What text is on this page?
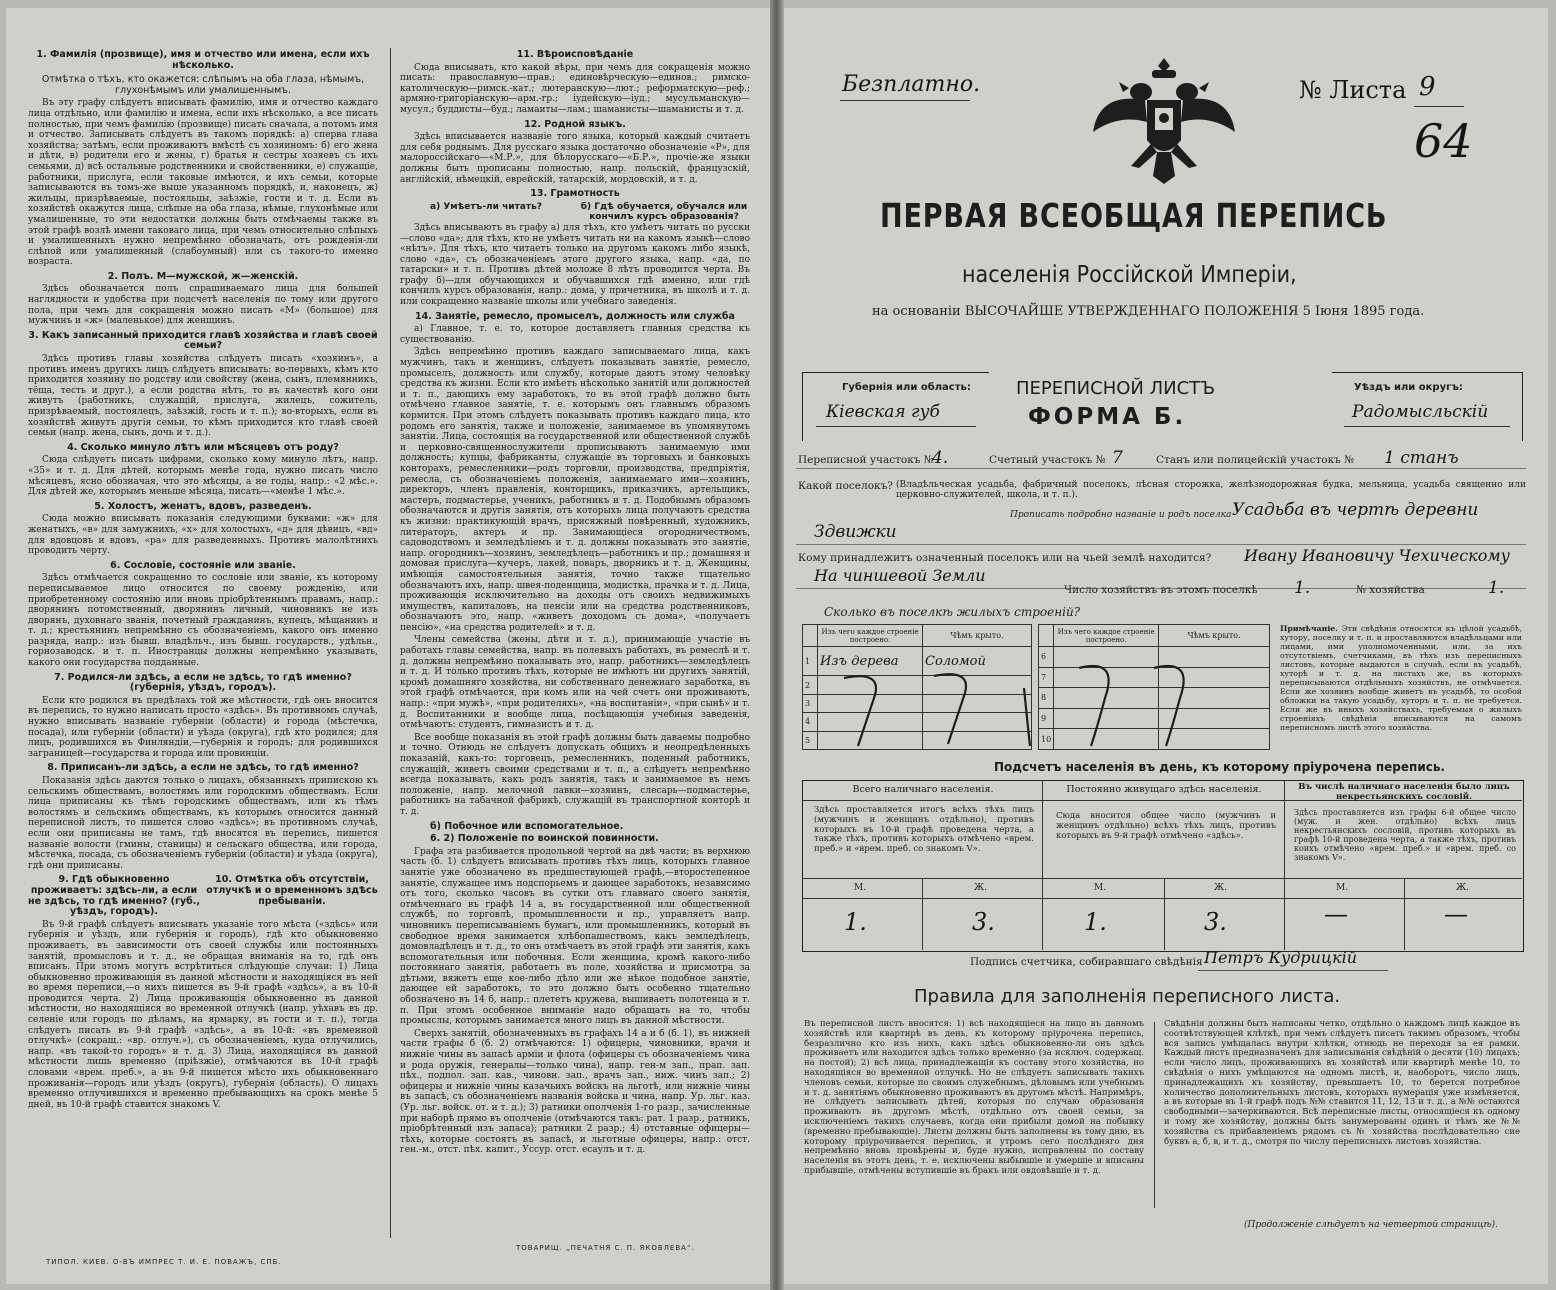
1. Фамилія (прозвище), имя и отчество или имена, если ихъ нѣсколько.
Отмѣтка о тѣхъ, кто окажется: слѣпымъ на оба глаза, нѣмымъ, глухонѣмымъ или умалишеннымъ.

Въ эту графу слѣдуетъ вписывать фамилію, имя и отчество каждаго лица отдѣльно, или фамилію и имена, если ихъ нѣсколько, а все писать полностью, при чемъ фамилію (прозвище) писать сначала, а потомъ имя и отчество. Записывать слѣдуетъ въ такомъ порядкѣ: а) сперва глава хозяйства; затѣмъ, если проживаютъ вмѣстѣ съ хозяиномъ: б) его жена и дѣти, в) родители его и жены, г) братья и сестры хозяевъ съ ихъ семьями, д) всѣ остальные родственники и свойственники, е) служащіе, работники, прислуга, если таковые имѣются, и ихъ семьи, которые записываются въ томъ-же выше указанномъ порядкѣ, и, наконецъ, ж) жильцы, призрѣваемые, постояльцы, заѣзжіе, гости и т. д. Если въ хозяйствѣ окажутся лица, слѣпые на оба глаза, нѣмые, глухонѣмые или умалишенные, то эти недостатки должны быть отмѣчаемы также въ этой графѣ возлѣ имени таковаго лица, при чемъ относительно слѣпыхъ и умалишенныхъ нужно непремѣнно обозначать, отъ рожденія-ли слѣпой или умалишенный (слабоумный) или съ такого-то именно возраста.

2. Полъ. М—мужской, ж—женскій.

Здѣсь обозначается полъ спрашиваемаго лица для большей наглядности и удобства при подсчетѣ населенія по тому или другого пола, при чемъ для сокращенія можно писать «М» (большое) для мужчинъ и «ж» (маленькое) для женщинъ.

3. Какъ записанный приходится главѣ хозяйства и главѣ своей семьи?

Здѣсь противъ главы хозяйства слѣдуетъ писать «хозяинъ», а противъ именъ другихъ лицъ слѣдуетъ вписывать: во-первыхъ, кѣмъ кто приходится хозяину по родству или свойству (жена, сынъ, племянникъ, тёща, тесть и друг.), а если родства нѣтъ, то въ качествѣ кого они живутъ (работникъ, служащій, прислуга, жилецъ, сожитель, призрѣваемый, постоялецъ, заѣзжій, гость и т. п.); во-вторыхъ, если въ хозяйствѣ живутъ другія семьи, то кѣмъ приходится кто главѣ своей семьи (напр. жена, сынъ, дочь и т. д.).

4. Сколько минуло лѣтъ или мѣсяцевъ отъ роду?

Сюда слѣдуетъ писать цифрами, сколько кому минуло лѣтъ, напр. «35» и т. д. Для дѣтей, которымъ менѣе года, нужно писать число мѣсяцевъ, ясно обозначая, что это мѣсяцы, а не годы, напр.: «2 мѣс.». Для дѣтей же, которымъ меньше мѣсяца, писать—«менѣе 1 мѣс.».

5. Холостъ, женатъ, вдовъ, разведенъ.

Сюда можно вписывать показанія следующими буквами: «ж» для женатыхъ, «в» для замужнихъ, «х» для холостыхъ, «д» для дѣвицъ, «вд» для вдовцовъ и вдовъ, «ра» для разведенныхъ. Противъ малолѣтнихъ проводить черту.

6. Сословіе, состояніе или званіе.

Здѣсь отмѣчается сокращенно то сословіе или званіе, къ которому переписываемое лицо относится по своему рожденію, или приобретенному состоянію или вновь пріобрѣтеннымъ правамъ, напр.: дворянинъ потомственный, дворянинъ личный, чиновникъ не изъ дворянъ, духовнаго званія, почетный гражданинъ, купецъ, мѣщанинъ и т. д.; крестьянинъ непремѣнно съ обозначеніемъ, какого онъ именно разряда, напр.: изъ бывш. владѣльч., изъ бывш. государств., удѣльн., горнозаводск. и т. п. Иностранцы должны непремѣнно указывать, какого они государства подданные.

7. Родился-ли здѣсь, а если не здѣсь, то гдѣ именно? (губернія, уѣздъ, городъ).

Если кто родился въ предѣлахъ той же мѣстности, гдѣ онъ вносится въ перепись, то нужно написать просто «здѣсь». Въ противномъ случаѣ, нужно вписывать названіе губерніи (области) и города (мѣстечка, посада), или губерніи (области) и уѣзда (округа), гдѣ кто родился; для лицъ, родившихся въ Финляндіи,—губернія и городъ; для родившихся заграницей—государства и города или провинціи.

8. Приписанъ-ли здѣсь, а если не здѣсь, то гдѣ именно?

Показанія здѣсь даются только о лицахъ, обязанныхъ припискою къ сельскимъ обществамъ, волостямъ или городскимъ обществамъ. Если лица приписаны къ тѣмъ городскимъ обществамъ, или къ тѣмъ волостямъ и сельскимъ обществамъ, къ которымъ относится данный переписной листъ, то пишется слово «здѣсь»; въ противномъ случаѣ, если они приписаны не тамъ, гдѣ вносятся въ перепись, пишется названіе волости (гмины, станицы) и сельскаго общества, или города, мѣстечка, посада, съ обозначеніемъ губерніи (области) и уѣзда (округа), гдѣ они приписаны.

9. Гдѣ обыкновенно проживаетъ: здѣсь-ли, а если не здѣсь, то гдѣ именно? (губ., уѣздъ, городъ).
10. Отмѣтка объ отсутствіи, отлучкѣ и о временномъ здѣсь пребываніи.

Въ 9-й графѣ слѣдуетъ вписывать указаніе того мѣста («здѣсь» или губернія и уѣздъ, или губернія и городъ), гдѣ кто обыкновенно проживаетъ, въ зависимости отъ своей службы или постоянныхъ занятій, промысловъ и т. д., не обращая вниманія на то, гдѣ онъ вписанъ. При этомъ могутъ встрѣтиться слѣдующіе случаи: 1) Лица обыкновенно проживающія въ данной мѣстности и находящіяся въ ней во время переписи,—о нихъ пишется въ 9-й графѣ «здѣсь», а въ 10-й проводится черта. 2) Лица проживающія обыкновенно въ данной мѣстности, но находящіяся во временной отлучкѣ (напр. уѣхавъ въ др. селеніе или городъ по дѣламъ, на ярмарку, въ гости и т. п.), тогда слѣдуетъ писать въ 9-й графѣ «здѣсь», а въ 10-й: «въ временной отлучкѣ» (сокращ.: «вр. отлуч.»), съ обозначеніемъ, куда отлучились, напр. «въ такой-то городъ» и т. д. 3) Лица, находящіяся въ данной мѣстности лишь временно (пріѣзжіе), отмѣчаются въ 10-й графѣ словами «врем. преб.», а въ 9-й пишется мѣсто ихъ обыкновеннаго проживанія—городъ или уѣздъ (округъ), губернія (область). О лицахъ временно отлучившихся и временно пребывающихъ на срокъ менѣе 5 дней, въ 10-й графѣ ставится знакомъ V.

11. Вѣроисповѣданіе

Сюда вписывать, кто какой вѣры, при чемъ для сокращенія можно писать: православную—прав.; единовѣрческую—единов.; римско-католическую—римск.-кат.; лютеранскую—лют.; реформатскую—реф.; армяно-григоріанскую—арм.-гр.; іудейскую—іуд.; мусульманскую—мусул.; буддисты—буд.; ламаиты—лам.; шаманисты—шаманисты и т. д.

12. Родной языкъ.

Здѣсь вписывается названіе того языка, который каждый считаетъ для себя роднымъ. Для русскаго языка достаточно обозначеніе «Р», для малороссійскаго—«М.Р.», для бѣлорусскаго—«Б.Р.», прочіе-же языки должны быть прописаны полностью, напр. польскій, французскій, англійскій, нѣмецкій, еврейскій, татарскій, мордовскій, и т. д.

13. Грамотность
а) Умѣетъ-ли читать?	б) Гдѣ обучается, обучался или кончилъ курсъ образованія?

Здѣсь вписываютъ въ графу а) для тѣхъ, кто умѣетъ читать по русски—слово «да»; для тѣхъ, кто не умѣетъ читать ни на какомъ языкѣ—слово «нѣтъ». Для тѣхъ, кто читаетъ только на другомъ какомъ либо языкѣ, слово «да», съ обозначеніемъ этого другого языка, напр. «да, по татарски» и т. п. Противъ дѣтей моложе 8 лѣтъ проводится черта. Въ графу б)—для обучающихся и обучавшихся гдѣ именно, или гдѣ кончилъ курсъ образованія, напр.: дома, у причетника, въ школѣ и т. д. или сокращенно названіе школы или учебнаго заведенія.

14. Занятіе, ремесло, промыселъ, должность или служба

а) Главное, т. е. то, которое доставляетъ главныя средства къ существованію.

Здѣсь непремѣнно противъ каждаго записываемаго лица, какъ мужчинъ, такъ и женщинъ, слѣдуетъ показывать занятіе, ремесло, промыселъ, должность или службу, которые даютъ этому человѣку средства къ жизни. Если кто имѣетъ нѣсколько занятій или должностей и т. п., дающихъ ему заработокъ, то въ этой графѣ должно быть отмѣчено главное занятіе, т. е. которымъ онъ главнымъ образомъ кормится. При этомъ слѣдуетъ показывать противъ каждаго лица, кто родомъ его занятія, также и положеніе, занимаемое въ упомянутомъ занятіи. Лица, состоящія на государственной или общественной службѣ и церковно-священнослужители прописываютъ занимаемую ими должность; купцы, фабриканты, служащіе въ торговыхъ и банковыхъ конторахъ, ремесленники—родъ торговли, производства, предпріятія, ремесла, съ обозначеніемъ положенія, занимаемаго ими—хозяинъ, директоръ, членъ правленія, конторщикъ, приказчикъ, артельщикъ, мастеръ, подмастерье, ученикъ, работникъ и т. д. Подобнымъ образомъ обозначаются и другія занятія, отъ которыхъ лица получаютъ средства къ жизни: практикующій врачъ, присяжный повѣренный, художникъ, литераторъ, актеръ и пр. Занимающіеся огородничествомъ, садоводствомъ и земледѣліемъ и т. д. должны показывать это занятіе, напр. огородникъ—хозяинъ, земледѣлецъ—работникъ и пр.; домашняя и домовая прислуга—кучеръ, лакей, поваръ, дворникъ и т. д. Женщины, имѣющія самостоятельныя занятія, точно также тщательно обозначаютъ ихъ, напр. швея-поденщица, модистка, прачка и т. д. Лица, проживающія исключительно на доходы отъ своихъ недвижимыхъ имуществъ, капиталовъ, на пенсіи или на средства родственниковъ, обозначаютъ это, напр. «живетъ доходомъ съ дома», «получаетъ пенсію», «на средства родителей» и т. д.

Члены семейства (жены, дѣти и т. д.), принимающіе участіе въ работахъ главы семейства, напр. въ полевыхъ работахъ, въ ремеслѣ и т. д. должны непремѣнно показывать это, напр. работникъ—земледѣлецъ и т. д. И только противъ тѣхъ, которые не имѣютъ ни другихъ занятій, кромѣ домашняго хозяйства, ни собственнаго денежнаго заработка, въ этой графѣ отмѣчается, при комъ или на чей счетъ они проживаютъ, напр.: «при мужѣ», «при родителяхъ», «на воспитаніи», «при сынѣ» и т. д. Воспитанники и вообще лица, посѣщающія учебныя заведенія, отмѣчаютъ: студентъ, гимназистъ и т. д.

Все вообще показанія въ этой графѣ должны быть даваемы подробно и точно. Отнюдь не слѣдуетъ допускать общихъ и неопредѣленныхъ показаній, какъ-то: торговецъ, ремесленникъ, поденный работникъ, служащій, живетъ своими средствами и т. п., а слѣдуетъ непремѣнно всегда показывать, какъ родъ занятія, такъ и занимаемое въ немъ положеніе, напр. мелочной лавки—хозяинъ, слесарь—подмастерье, работникъ на табачной фабрикѣ, служащій въ транспортной конторѣ и т. д.

б) Побочное или вспомогательное.
6. 2) Положеніе по воинской повинности.

Графа эта разбивается продольной чертой на двѣ части; въ верхнюю часть (б. 1) слѣдуетъ вписывать противъ тѣхъ лицъ, которыхъ главное занятіе уже обозначено въ предшествующей графѣ,—второстепенное занятіе, служащее имъ подспорьемъ и дающее заработокъ, независимо отъ того, сколько часовъ въ сутки отъ главнаго своего занятія, отмѣченнаго въ графѣ 14 а, въ государственной или общественной службѣ, по торговлѣ, промышленности и пр., управляетъ напр. чиновникъ переписываніемъ бумагъ, или промышленникъ, который въ свободное время занимается хлѣбопашествомъ, какъ земледѣлецъ, домовладѣлецъ и т. д., то онъ отмѣчаетъ въ этой графѣ эти занятія, какъ вспомогательныя или побочныя. Если женщина, кромѣ какого-либо постояннаго занятія, работаетъ въ поле, хозяйства и присмотра за дѣтьми, вяжетъ еще кое-либо дѣло или же нѣкое подобное занятіе, дающее ей заработокъ, то это должно быть особенно тщательно обозначено въ 14 б, напр.: плететъ кружева, вышиваетъ полотенца и т. п. При этомъ особенное вниманіе надо обращать на то, чтобы промыслы, которымъ занимается много лицъ въ данной мѣстности.

Сверхъ занятій, обозначенныхъ въ графахъ 14 а и б (б. 1), въ нижней части графы б (б. 2) отмѣчаются: 1) офицеры, чиновники, врачи и нижніе чины въ запасѣ арміи и флота (офицеры съ обозначеніемъ чина и рода оружія, генералы—только чина), напр. ген-м зап., прап. зап. пѣх., подпол. зап. кав., чиновн. зап., врачъ зап., ниж. чинъ зап.; 2) офицеры и нижніе чины казачьихъ войскъ на льготѣ, или нижніе чины въ запасѣ, съ обозначеніемъ названія войска и чина, напр. Ур. льг. каз. (Ур. льг. войск. от. и т. д.); 3) ратники ополченія 1-го разр., зачисленные при наборѣ прямо въ ополченіе (отмѣчаются такъ: рат. 1 разр., ратникъ, пріобрѣтенный изъ запаса); ратники 2 разр.; 4) отставные офицеры—тѣхъ, которые состоятъ въ запасѣ, и льготные офицеры, напр.: отст. ген.-м., отст. пѣх. капит., Уссур. отст. есаулъ и т. д.

ТИПОЛ. КИЕВ. О-ВЪ ИМПРЕС Т. И. Е. ПОВАЖЪ, СПБ.
ТОВАРИЩ. „ПЕЧАТНЯ С. П. ЯКОВЛЕВА“.
Безплатно.	№ Листа 9
64
ПЕРВАЯ ВСЕОБЩАЯ ПЕРЕПИСЬ
населенія Россійской Имперіи,
на основаніи ВЫСОЧАЙШЕ УТВЕРЖДЕННАГО ПОЛОЖЕНІЯ 5 Іюня 1895 года.
Губернія или область:
Кіевская губ
ПЕРЕПИСНОЙ ЛИСТЪ
ФОРМА Б.
Уѣздъ или округъ:
Радомысльскій
Переписной участокъ №
4.	Счетный участокъ № 7	Станъ или полицейскій участокъ № 1 станъ
Какой поселокъ? (Владѣльческая усадьба, фабричный поселокъ, лѣсная сторожка, желѣзнодорожная будка, мельница, усадьба священно или церковно-служителей, школа, и т. п.).
Прописать подробно названіе и родъ поселка Усадьба въ чертѣ деревни
Здвижки
Кому принадлежитъ означенный поселокъ или на чьей землѣ находится? Ивану Ивановичу Чехическому
На чиншевой Земли
Число хозяйствъ въ этомъ поселкѣ 1.	№ хозяйства	1.
Сколько въ поселкѣ жилыхъ строеній?
	Изъ чего каждое строеніе построено.	Чѣмъ крыто.
1	Изъ дерева	Соломой
2		
3		
4		
5		
	Изъ чего каждое строеніе построено.	Чѣмъ крыто.
6		
7		
8		
9		
10		
Примѣчаніе. Эти свѣдѣнія относятся къ цѣлой усадьбѣ, хутору, поселку и т. п. и проставляются владѣльцами или лицами, ими уполномоченными, или, за ихъ отсутствіемъ, счетчиками, въ тѣхъ изъ переписныхъ листовъ, которые выдаются в случаѣ, если въ усадьбѣ, хуторѣ и т. д. на листахъ же, въ которыхъ переписываются отдѣльныхъ хозяйствъ, не отмѣчается. Если же хозяинъ вообще живетъ въ усадьбѣ, то особой обложки на такую усадьбу, хуторъ и т. п. не требуется. Если же въ иныхъ хозяйствахъ, требуемыя о жилыхъ строеніяхъ свѣдѣнія вписываются на самомъ переписномъ листѣ этого хозяйства.
Подсчетъ населенія въ день, къ которому пріурочена перепись.
Всего наличнаго населенія.
Здѣсь проставляется итогъ всѣхъ тѣхъ лицъ (мужчинъ и женщинъ отдѣльно), противъ которыхъ въ 10-й графѣ проведена черта, а также тѣхъ, противъ которыхъ отмѣчено «врем. преб.» и «врем. преб. со знакомъ V».
Постоянно живущаго здѣсь населенія.
Сюда вносится общее число (мужчинъ и женщинъ отдѣльно) всѣхъ тѣхъ лицъ, противъ которыхъ въ 9-й графѣ отмѣчено «здѣсь».
Въ числѣ наличнаго населенія было лицъ некрестьянскихъ сословій.
Здѣсь проставляется изъ графы 6-й общее число (муж. и жен. отдѣльно) всѣхъ лицъ некрестьянскихъ сословій, противъ которыхъ въ графѣ 10-й проведена черта, а также тѣхъ, противъ коихъ отмѣчено «врем. преб.» и «врем. преб. со знакомъ V».
М.	Ж.	М.	Ж.	М.	Ж.
1.	3.	1.	3.	—	—
Подпись счетчика, собиравшаго свѣдѣнія Петръ Кудрицкій
Правила для заполненія переписного листа.
Въ переписной листъ вносятся: 1) всѣ находящіеся на лицо въ данномъ хозяйствѣ или квартирѣ въ день, къ которому пріурочена перепись, безразлично кто изъ нихъ, какъ здѣсь обыкновенно-ли онъ здѣсь проживаетъ или находится здѣсь только временно (за исключ. содержащ. на постой); 2) всѣ лица, принадлежащія къ составу этого хозяйства, но находящіяся во временной отлучкѣ. Но не слѣдуетъ записывать такихъ членовъ семьи, которые по своимъ служебнымъ, дѣловымъ или учебнымъ и т. д. занятіямъ обыкновенно проживаютъ въ другомъ мѣстѣ. Напримѣръ, не слѣдуетъ записывать дѣтей, которыя по случаю образованія проживаютъ въ другомъ мѣстѣ, отдѣльно отъ своей семьи, за исключеніемъ такихъ случаевъ, когда они прибыли домой на побывку (временно пребывающіе). Листы должны быть заполнены въ тому дню, къ которому пріурочивается перепись, и утромъ сего послѣдняго дня непремѣнно вновь провѣрены и, буде нужно, исправлены по составу населенія въ этотъ день, т. е. исключены выбывшіе и умершіе и вписаны прибывшіе, отмѣчены вступившіе въ бракъ или овдовѣвшіе и т. д.
Свѣдѣнія должны быть написаны четко, отдѣльно о каждомъ лицѣ каждое въ соотвѣтствующей клѣткѣ, при чемъ слѣдуетъ писать такимъ образомъ, чтобы вся запись умѣщалась внутри клѣтки, отнюдь не переходя за ея рамки. Каждый листъ предназначенъ для записыванія свѣдѣній о десяти (10) лицахъ; если число лицъ, проживающихъ въ хозяйствѣ или квартирѣ менѣе 10, то свѣдѣнія о нихъ умѣщаются на одномъ листѣ, и, наоборотъ, число лицъ, принадлежащихъ къ хозяйству, превышаетъ 10, то берется потребное количество дополнительныхъ листовъ, которыхъ нумерація уже измѣняется, а въ которые въ 1-й графѣ подъ №№ ставится 11, 12, 13 и т. д., а №№ остаются свободными—зачеркиваются. Всѣ переписные листы, относящіеся къ одному и тому же хозяйству, должны быть занумерованы одинъ и тѣмъ же №№ хозяйства съ прибавленіемъ рядомъ съ № хозяйства послѣдовательно сие буквъ а, б, в, и т. д., смотря по числу переписныхъ листовъ хозяйства.
(Продолженіе слѣдуетъ на четвертой страницѣ).
